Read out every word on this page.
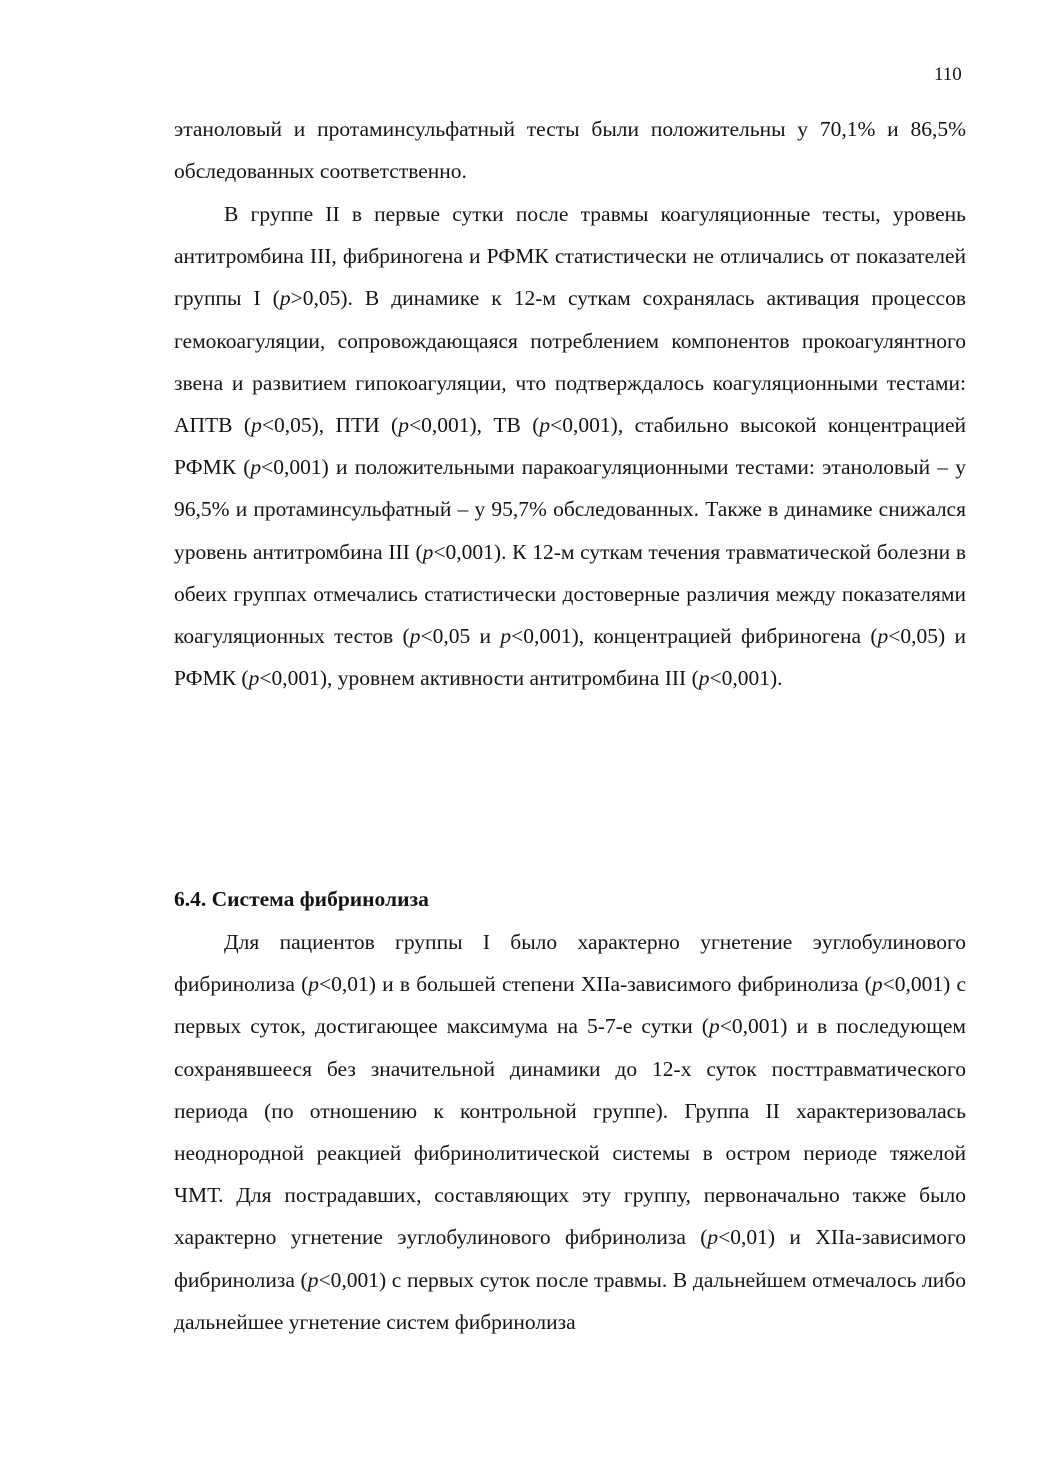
110

этаноловый и протаминсульфатный тесты были положительны у 70,1% и 86,5% обследованных соответственно.

В группе II в первые сутки после травмы коагуляционные тесты, уровень антитромбина III, фибриногена и РФМК статистически не отличались от показателей группы I (p>0,05). В динамике к 12-м суткам сохранялась активация процессов гемокоагуляции, сопровождающаяся потреблением компонентов прокоагулянтного звена и развитием гипокоагуляции, что подтверждалось коагуляционными тестами: АПТВ (p<0,05), ПТИ (p<0,001), ТВ (p<0,001), стабильно высокой концентрацией РФМК (p<0,001) и положительными паракоагуляционными тестами: этаноловый – у 96,5% и протаминсульфатный – у 95,7% обследованных. Также в динамике снижался уровень антитромбина III (p<0,001). К 12-м суткам течения травматической болезни в обеих группах отмечались статистически достоверные различия между показателями коагуляционных тестов (p<0,05 и p<0,001), концентрацией фибриногена (p<0,05) и РФМК (p<0,001), уровнем активности антитромбина III (p<0,001).

6.4. Система фибринолиза

Для пациентов группы I было характерно угнетение эуглобулинового фибринолиза (p<0,01) и в большей степени XIIа-зависимого фибринолиза (p<0,001) с первых суток, достигающее максимума на 5-7-е сутки (p<0,001) и в последующем сохранявшееся без значительной динамики до 12-х суток посттравматического периода (по отношению к контрольной группе). Группа II характеризовалась неоднородной реакцией фибринолитической системы в остром периоде тяжелой ЧМТ. Для пострадавших, составляющих эту группу, первоначально также было характерно угнетение эуглобулинового фибринолиза (p<0,01) и XIIа-зависимого фибринолиза (p<0,001) с первых суток после травмы. В дальнейшем отмечалось либо дальнейшее угнетение систем фибринолиза
